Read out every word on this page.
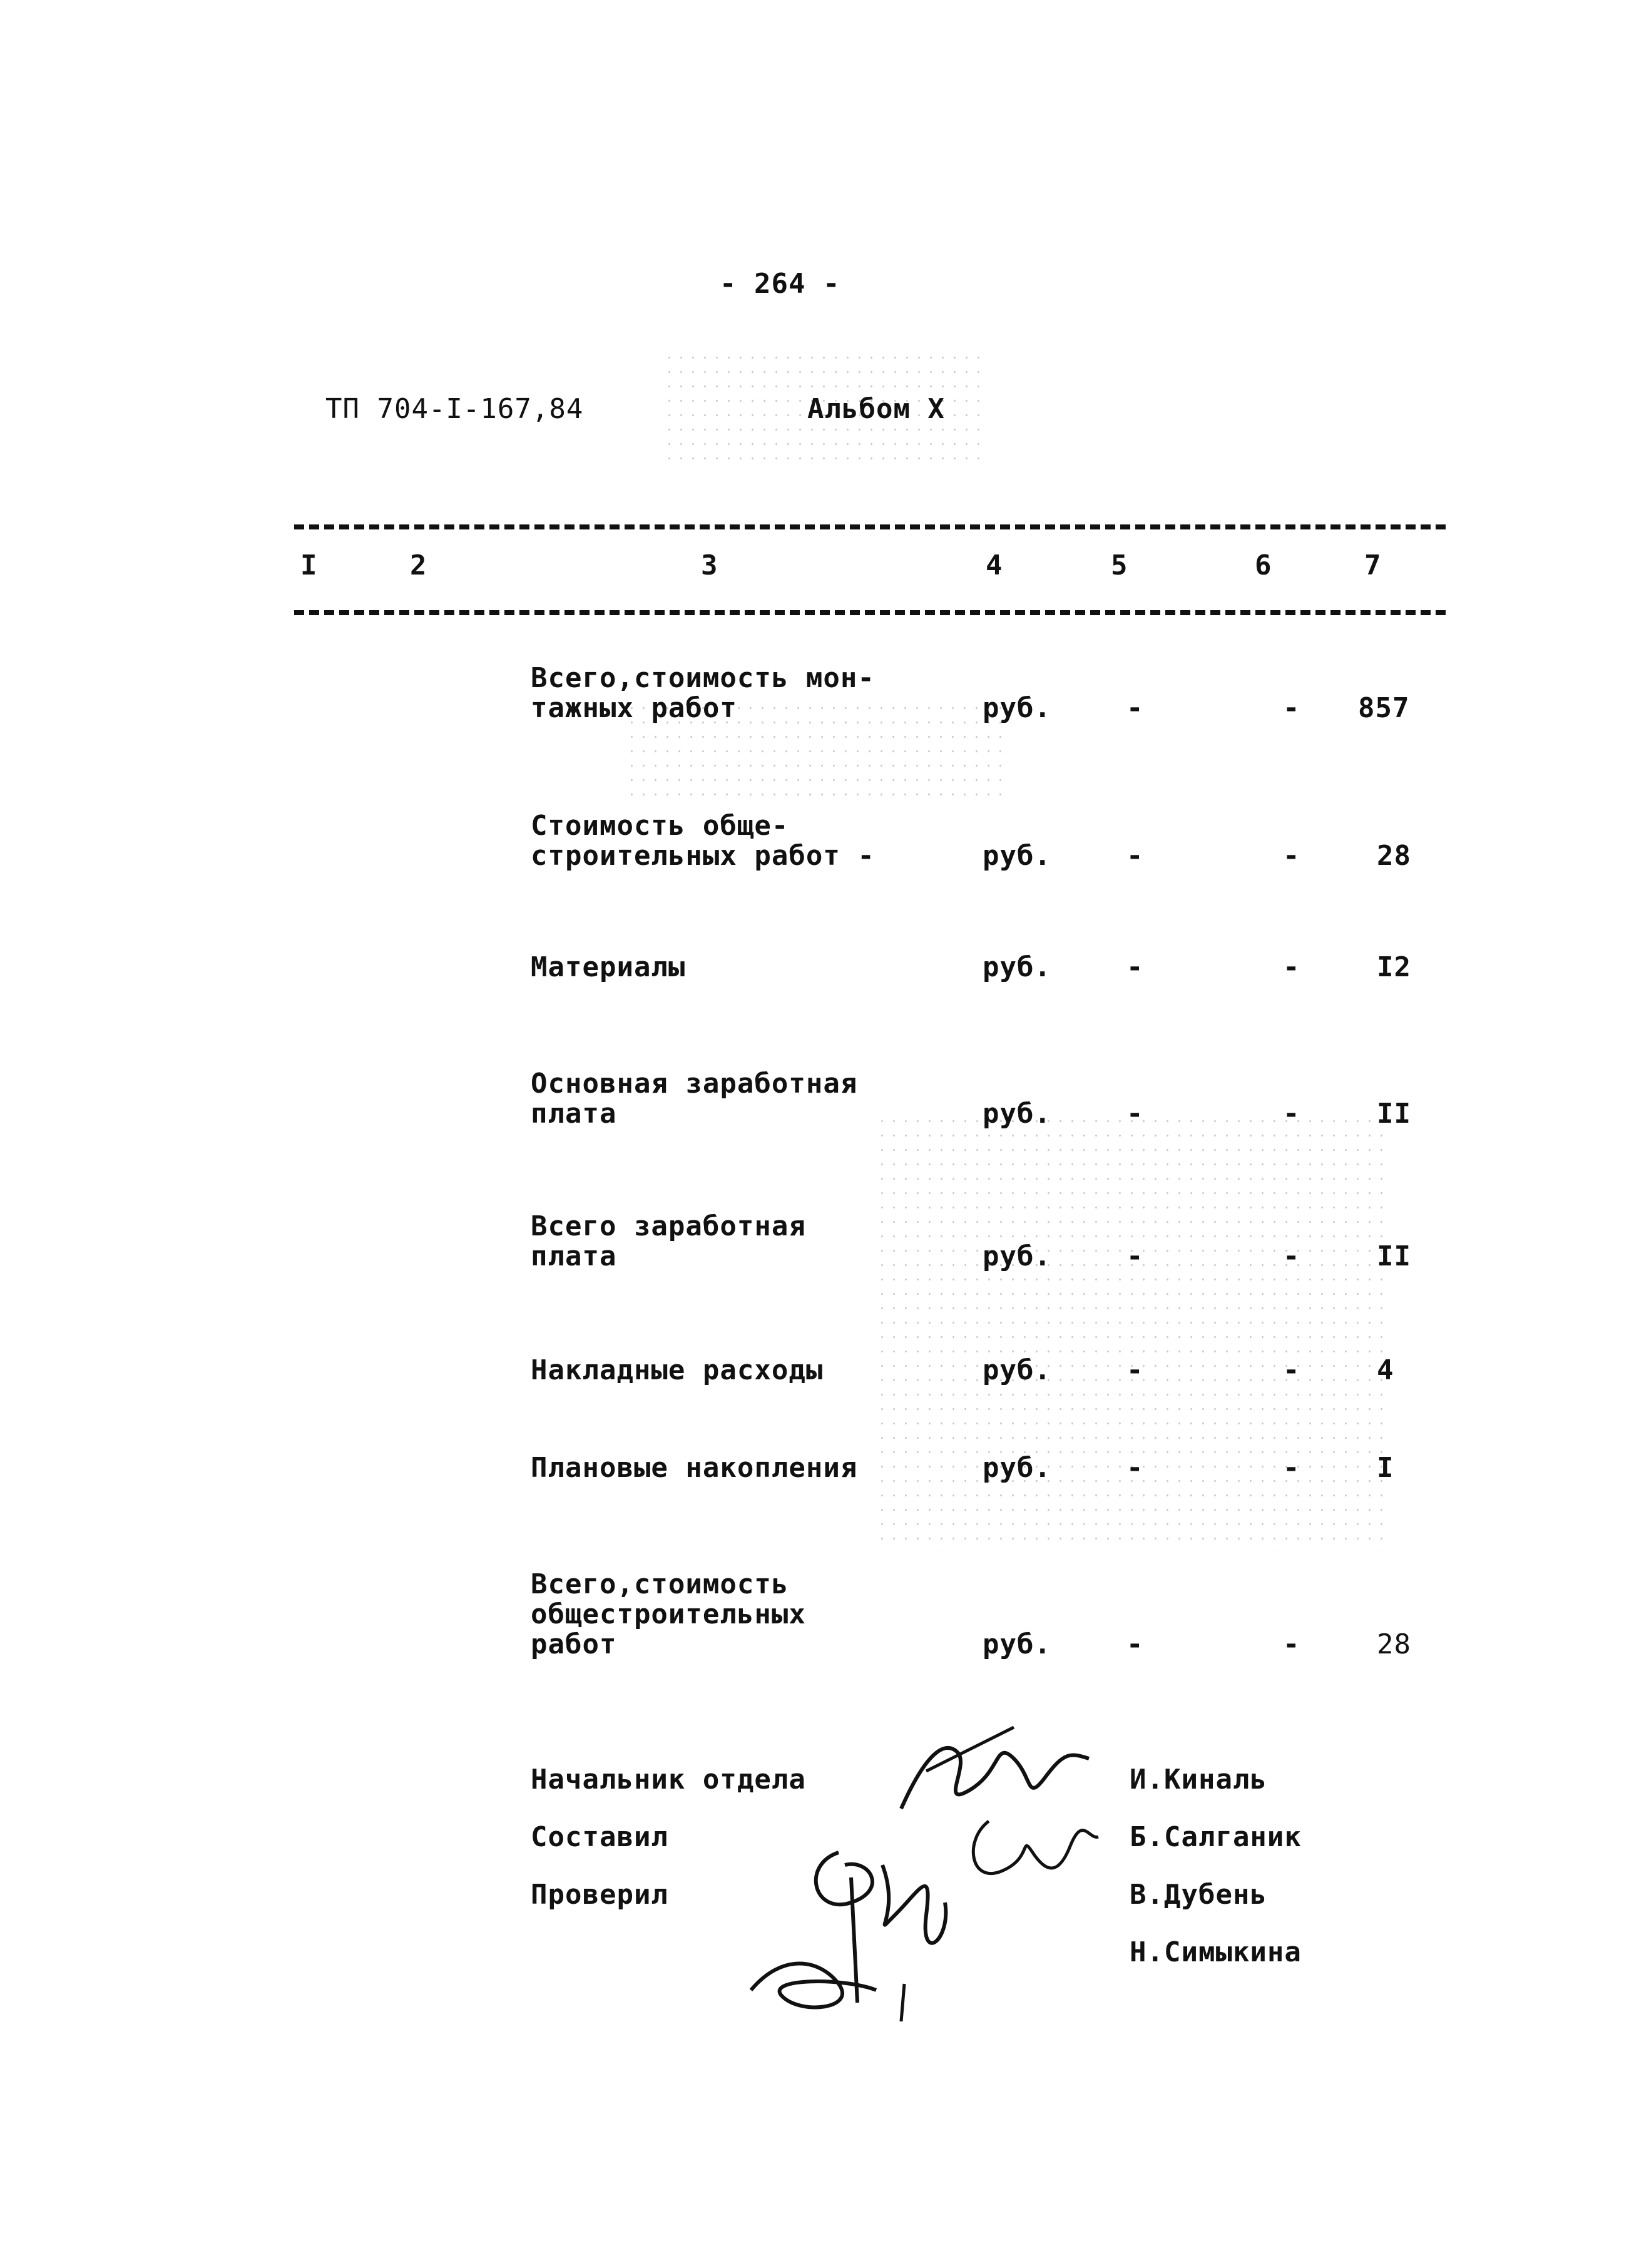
- 264 -
ТП 704-I-167,84	Альбом X
I	2	3	4	5	6	7
Всего,стоимость мон-
тажных работ	руб.	-	- 857
Стоимость обще-
строительных работ -	руб.	-	-	28
Материалы	руб.	-	-	I2
Основная заработная
плата	руб.	-	-	II
Всего заработная
плата	руб.	-	-	II
Накладные расходы	руб.	-	-	4
Плановые накопления	руб.	-	-	I
Всего,стоимость
общестроительных
работ	руб.	-	-	28
Начальник отдела	И.Киналь
Составил	Б.Салганик
Проверил	В.Дубень
Н.Симыкина
